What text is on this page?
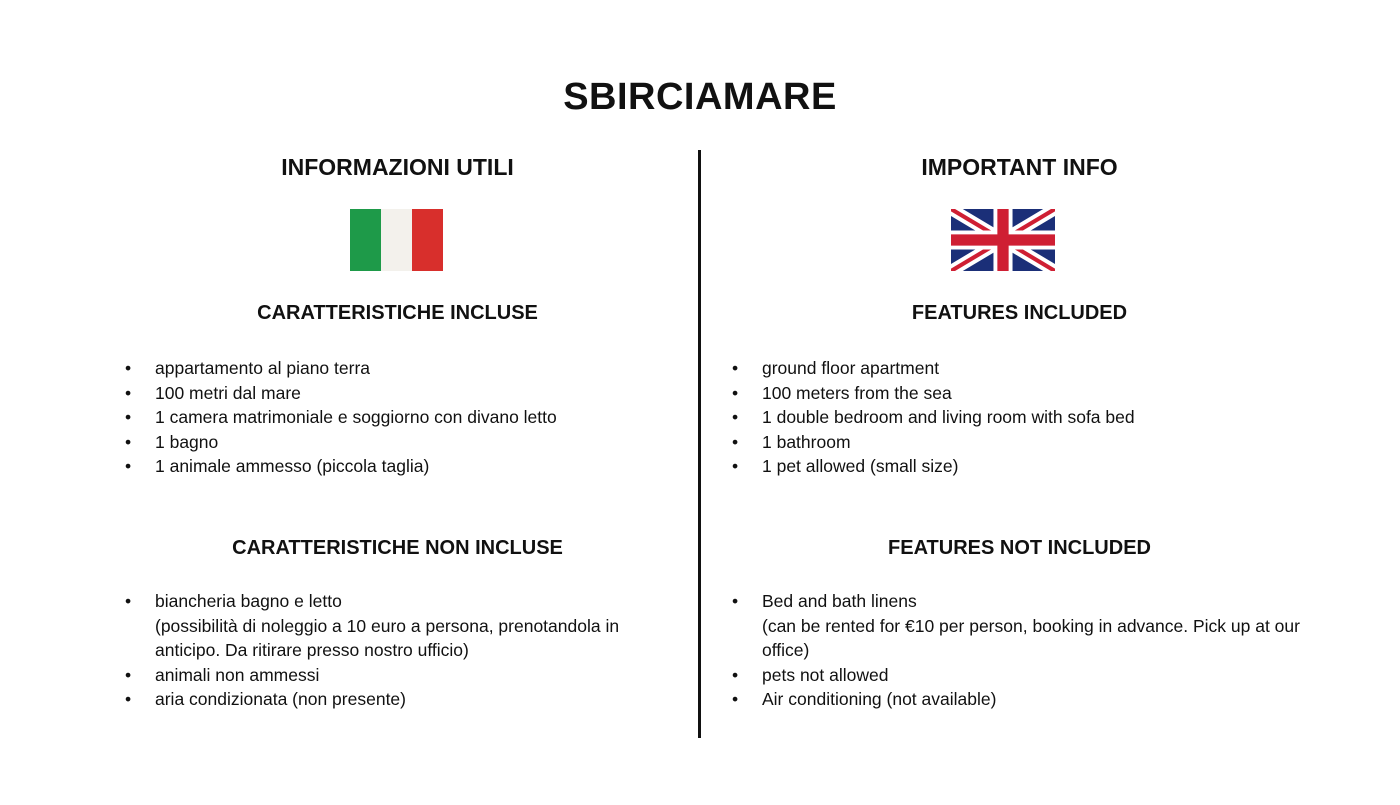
SBIRCIAMARE
INFORMAZIONI UTILI
CARATTERISTICHE INCLUSE
• appartamento al piano terra
• 100 metri dal mare
• 1 camera matrimoniale e soggiorno con divano letto
• 1 bagno
• 1 animale ammesso (piccola taglia)
CARATTERISTICHE NON INCLUSE
• biancheria bagno e letto
(possibilità di noleggio a 10 euro a persona, prenotandola in anticipo. Da ritirare presso nostro ufficio)
• animali non ammessi
• aria condizionata (non presente)
IMPORTANT INFO
FEATURES INCLUDED
• ground floor apartment
• 100 meters from the sea
• 1 double bedroom and living room with sofa bed
• 1 bathroom
• 1 pet allowed (small size)
FEATURES NOT INCLUDED
• Bed and bath linens
(can be rented for €10 per person, booking in advance. Pick up at our office)
• pets not allowed
• Air conditioning (not available)
